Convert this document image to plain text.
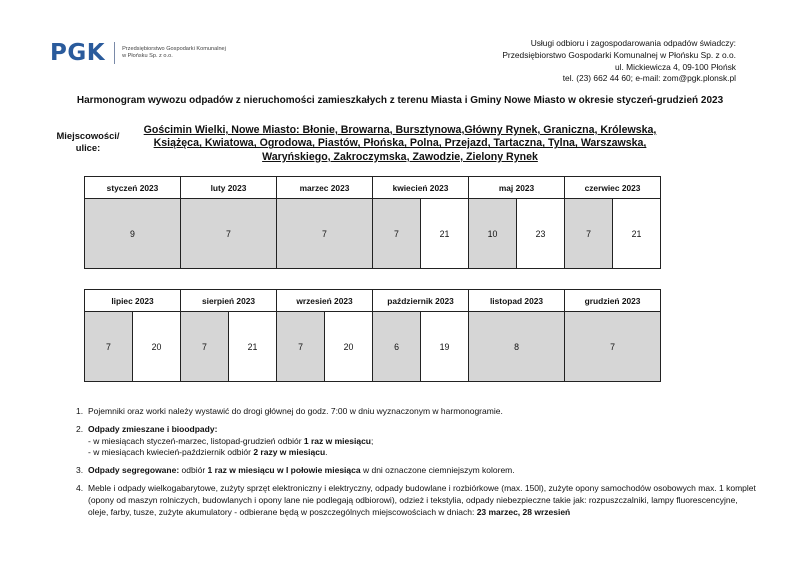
PGK	Przedsiębiorstwo Gospodarki Komunalnej
w Płońsku Sp. z o.o.
Usługi odbioru i zagospodarowania odpadów świadczy:
Przedsiębiorstwo Gospodarki Komunalnej w Płońsku Sp. z o.o.
ul. Mickiewicza 4, 09-100 Płońsk
tel. (23) 662 44 60; e-mail: zom@pgk.plonsk.pl
Harmonogram wywozu odpadów z nieruchomości zamieszkałych z terenu Miasta i Gminy Nowe Miasto w okresie styczeń-grudzień 2023
Miejscowości/
ulice:
Gościmin Wielki, Nowe Miasto: Błonie, Browarna, Bursztynowa,Główny Rynek, Graniczna, Królewska,
Książęca, Kwiatowa, Ogrodowa, Piastów, Płońska, Polna, Przejazd, Tartaczna, Tylna, Warszawska,
Waryńskiego, Zakroczymska, Zawodzie, Zielony Rynek
styczeń 2023	luty 2023	marzec 2023	kwiecień 2023		maj 2023		czerwiec 2023	
9	7	7	7	21	10	23	7	21
lipiec 2023		sierpień 2023		wrzesień 2023		październik 2023		listopad 2023	grudzień 2023
7	20	7	21	7	20	6	19	8	7
1. Pojemniki oraz worki należy wystawić do drogi głównej do godz. 7:00 w dniu wyznaczonym w harmonogramie.
2. Odpady zmieszane i bioodpady:
- w miesiącach styczeń-marzec, listopad-grudzień odbiór 1 raz w miesiącu;
- w miesiącach kwiecień-październik odbiór 2 razy w miesiącu.
3. Odpady segregowane: odbiór 1 raz w miesiącu w I połowie miesiąca w dni oznaczone ciemniejszym kolorem.
4. Meble i odpady wielkogabarytowe, zużyty sprzęt elektroniczny i elektryczny, odpady budowlane i rozbiórkowe (max. 150l), zużyte opony samochodów osobowych max. 1 komplet (opony od maszyn rolniczych, budowlanych i opony lane nie podlegają odbiorowi), odzież i tekstylia, odpady niebezpieczne takie jak: rozpuszczalniki, lampy fluorescencyjne, oleje, farby, tusze, zużyte akumulatory - odbierane będą w poszczególnych miejscowościach w dniach: 23 marzec, 28 wrzesień
